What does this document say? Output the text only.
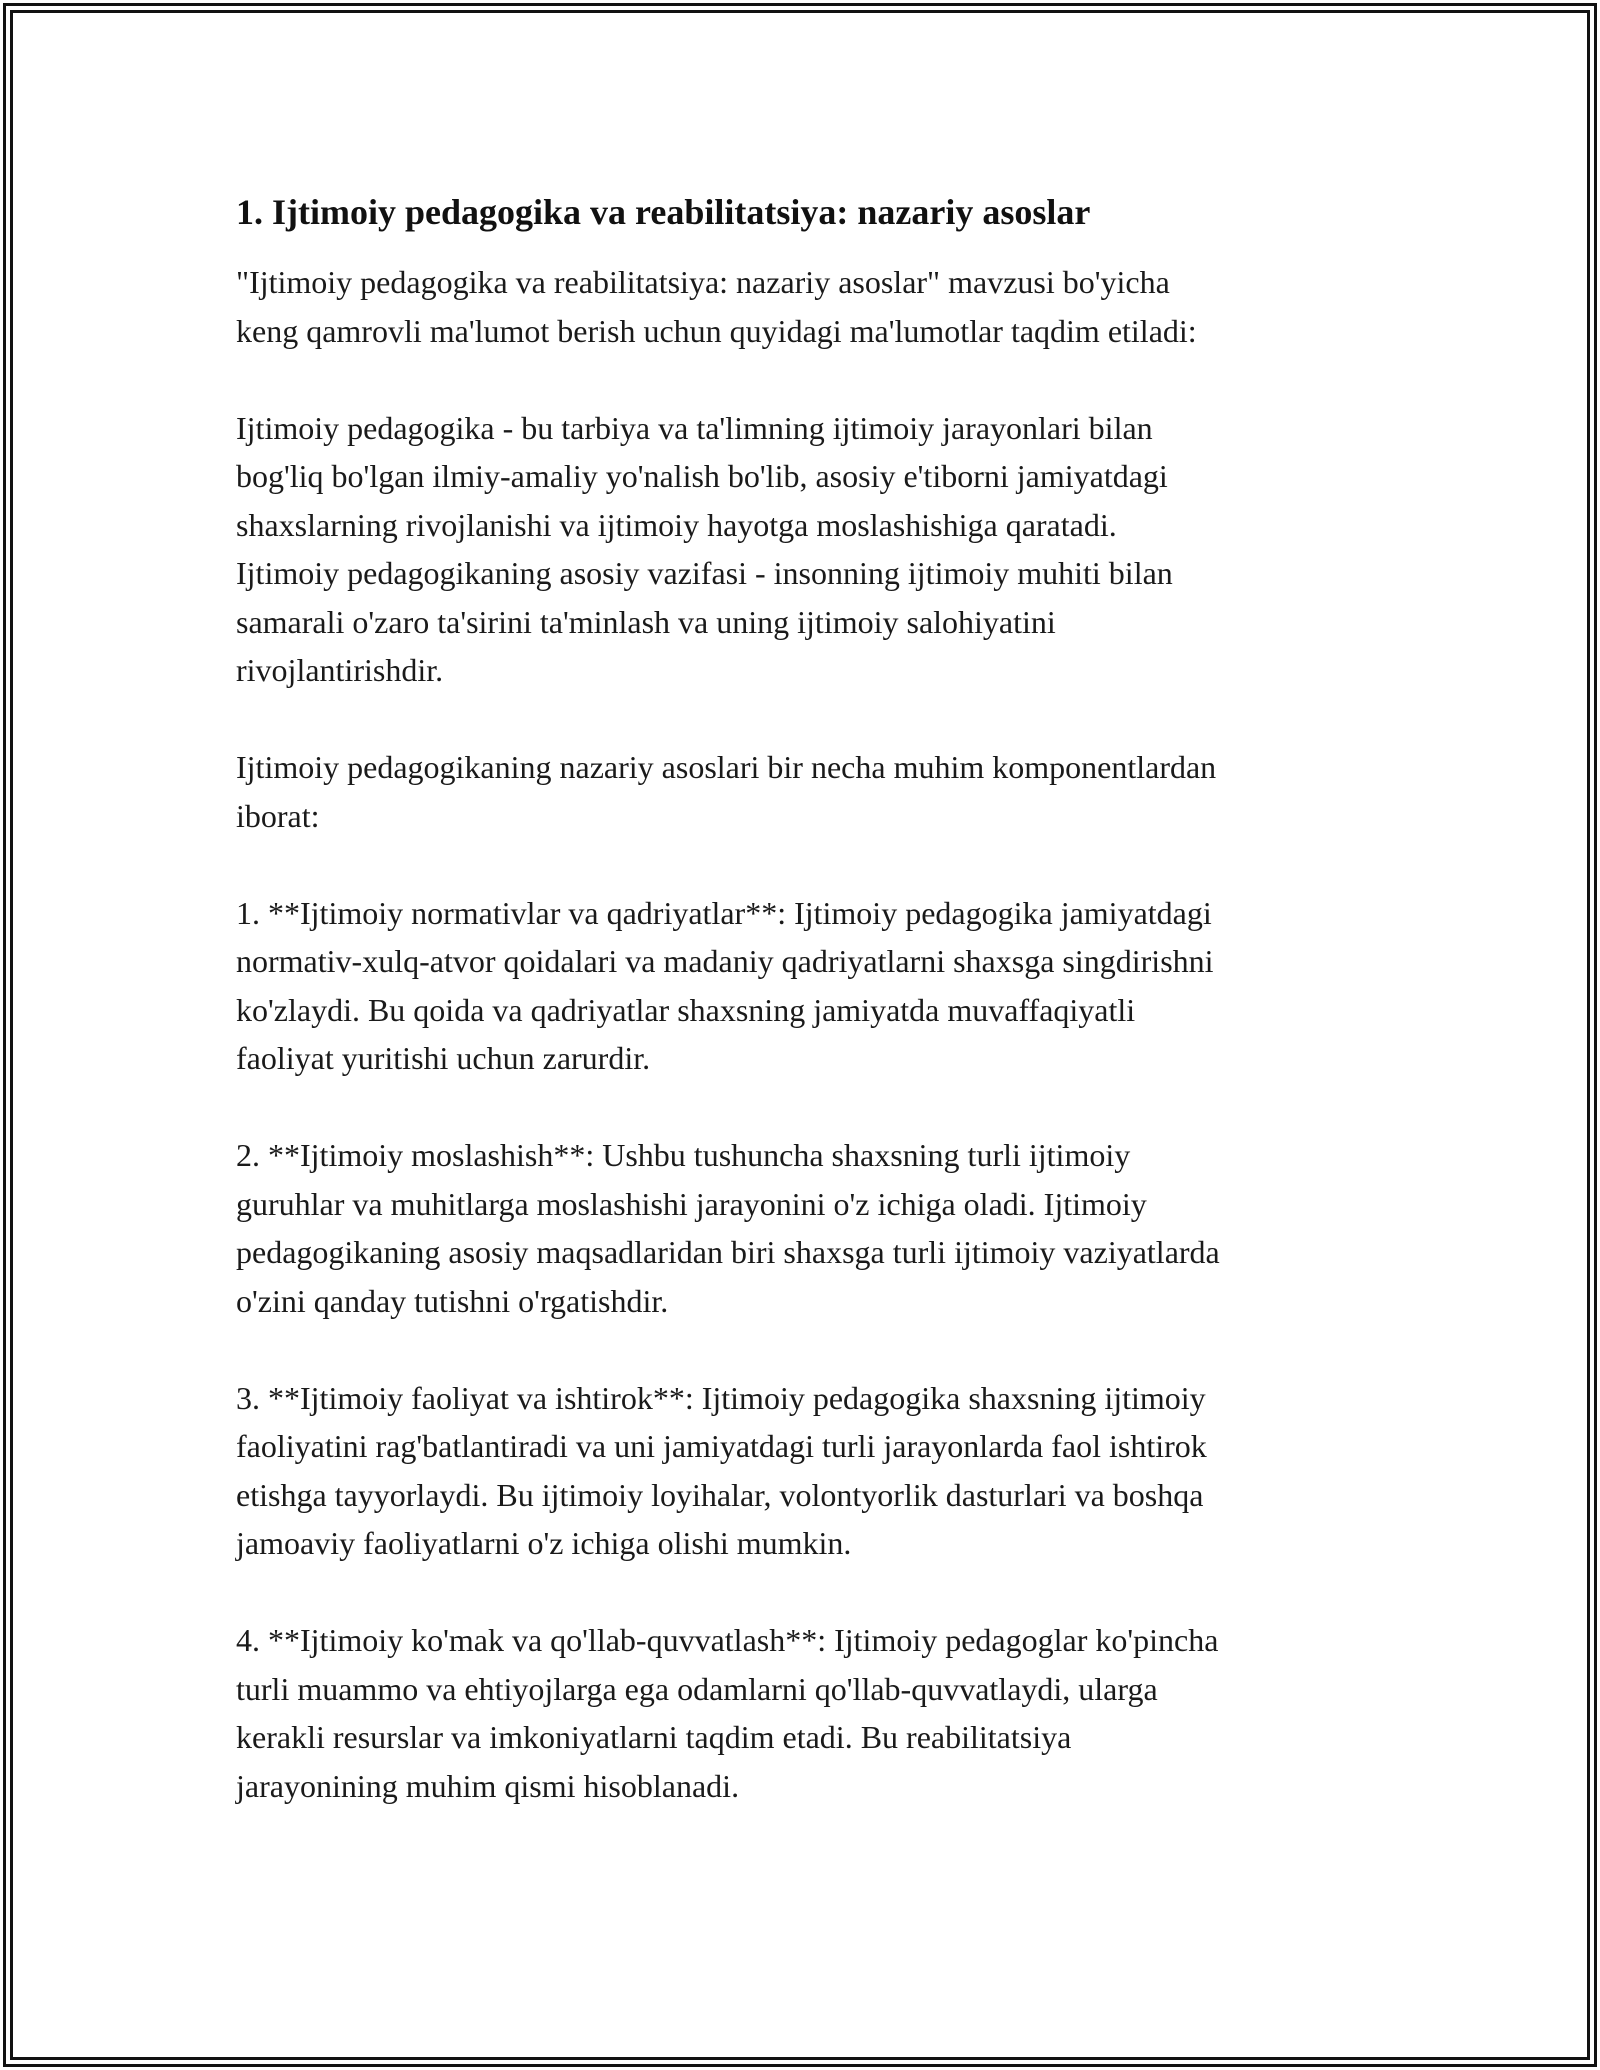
1. Ijtimoiy pedagogika va reabilitatsiya: nazariy asoslar

"Ijtimoiy pedagogika va reabilitatsiya: nazariy asoslar" mavzusi bo'yicha
keng qamrovli ma'lumot berish uchun quyidagi ma'lumotlar taqdim etiladi:

Ijtimoiy pedagogika - bu tarbiya va ta'limning ijtimoiy jarayonlari bilan
bog'liq bo'lgan ilmiy-amaliy yo'nalish bo'lib, asosiy e'tiborni jamiyatdagi
shaxslarning rivojlanishi va ijtimoiy hayotga moslashishiga qaratadi.
Ijtimoiy pedagogikaning asosiy vazifasi - insonning ijtimoiy muhiti bilan
samarali o'zaro ta'sirini ta'minlash va uning ijtimoiy salohiyatini
rivojlantirishdir.

Ijtimoiy pedagogikaning nazariy asoslari bir necha muhim komponentlardan
iborat:

1. **Ijtimoiy normativlar va qadriyatlar**: Ijtimoiy pedagogika jamiyatdagi
normativ-xulq-atvor qoidalari va madaniy qadriyatlarni shaxsga singdirishni
ko'zlaydi. Bu qoida va qadriyatlar shaxsning jamiyatda muvaffaqiyatli
faoliyat yuritishi uchun zarurdir.

2. **Ijtimoiy moslashish**: Ushbu tushuncha shaxsning turli ijtimoiy
guruhlar va muhitlarga moslashishi jarayonini o'z ichiga oladi. Ijtimoiy
pedagogikaning asosiy maqsadlaridan biri shaxsga turli ijtimoiy vaziyatlarda
o'zini qanday tutishni o'rgatishdir.

3. **Ijtimoiy faoliyat va ishtirok**: Ijtimoiy pedagogika shaxsning ijtimoiy
faoliyatini rag'batlantiradi va uni jamiyatdagi turli jarayonlarda faol ishtirok
etishga tayyorlaydi. Bu ijtimoiy loyihalar, volontyorlik dasturlari va boshqa
jamoaviy faoliyatlarni o'z ichiga olishi mumkin.

4. **Ijtimoiy ko'mak va qo'llab-quvvatlash**: Ijtimoiy pedagoglar ko'pincha
turli muammo va ehtiyojlarga ega odamlarni qo'llab-quvvatlaydi, ularga
kerakli resurslar va imkoniyatlarni taqdim etadi. Bu reabilitatsiya
jarayonining muhim qismi hisoblanadi.
